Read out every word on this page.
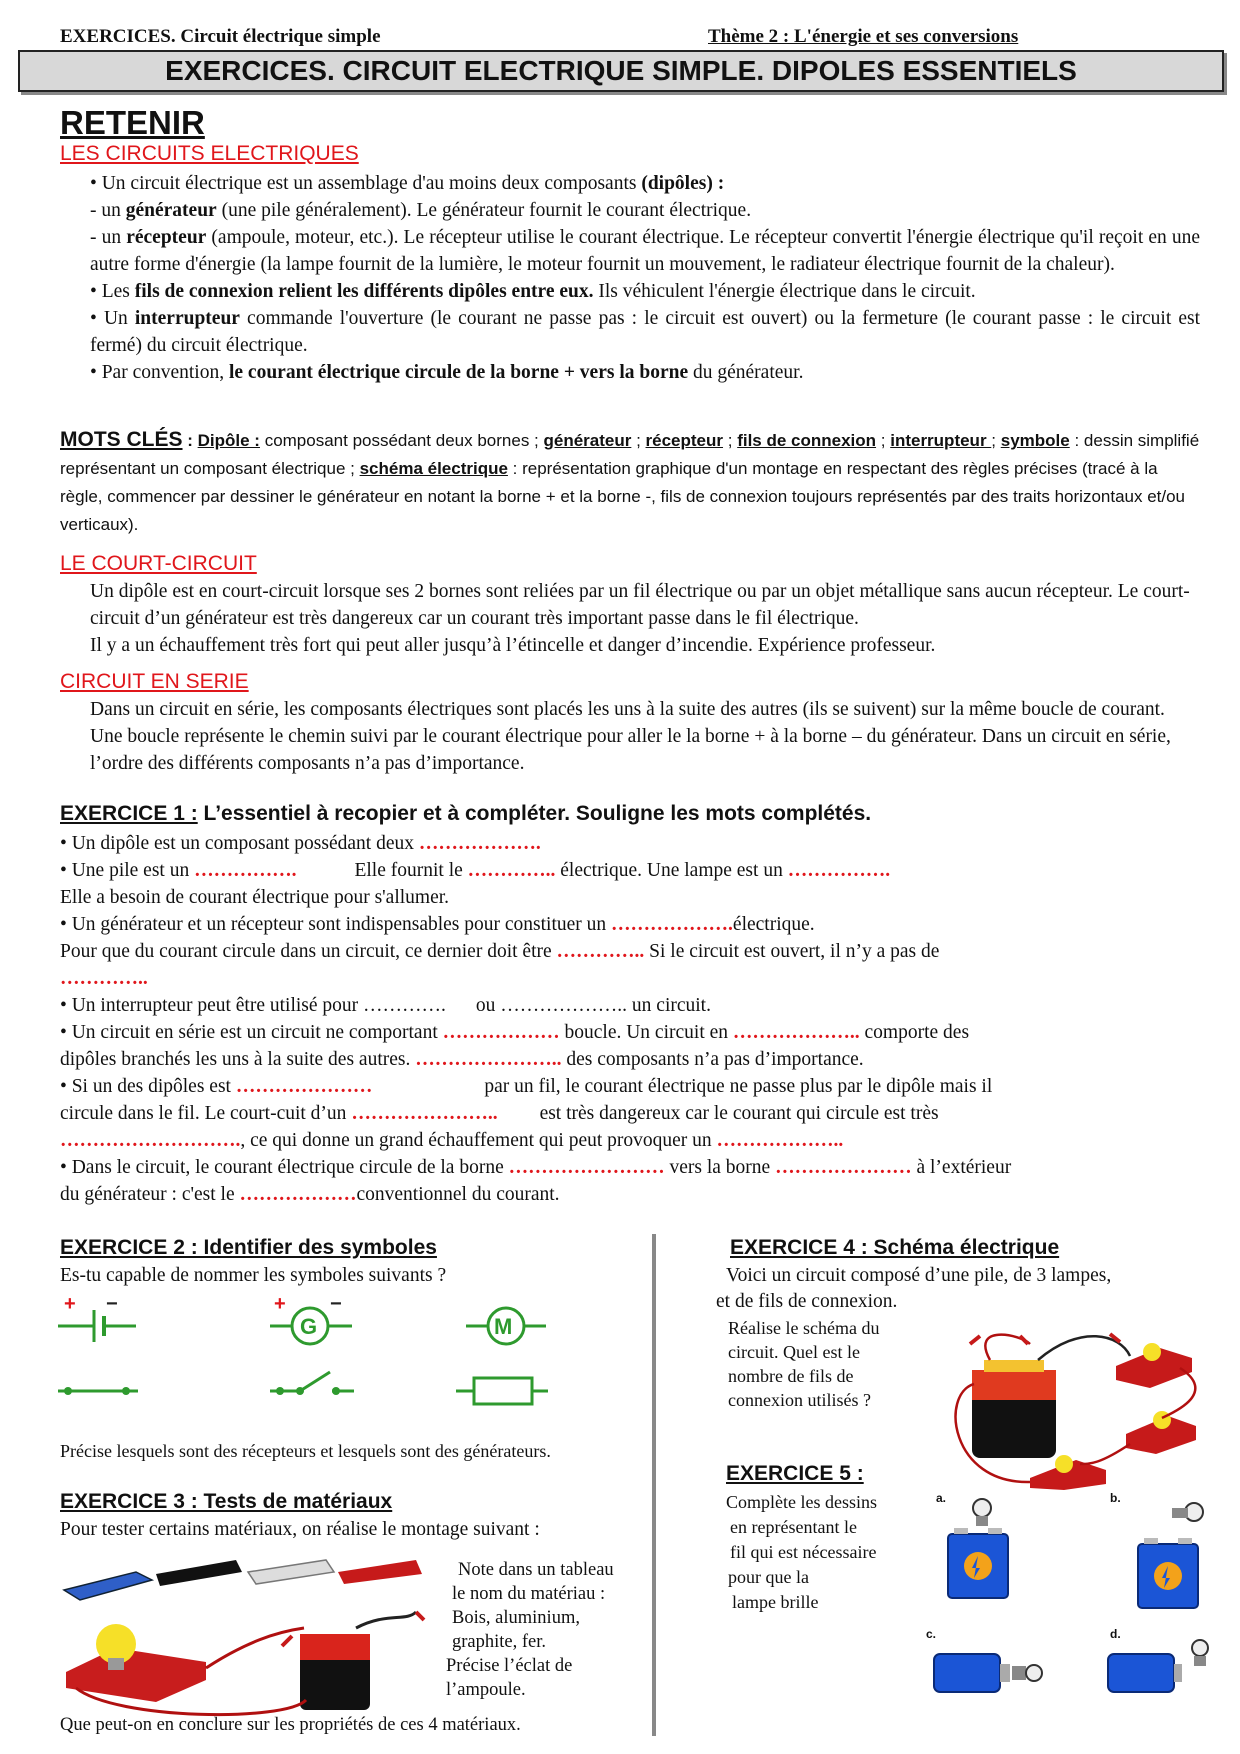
EXERCICES. Circuit électrique simple	Thème 2 : L'énergie et ses conversions
EXERCICES. CIRCUIT ELECTRIQUE SIMPLE. DIPOLES ESSENTIELS
RETENIR
LES CIRCUITS ELECTRIQUES

• Un circuit électrique est un assemblage d'au moins deux composants (dipôles) :

- un générateur (une pile généralement). Le générateur fournit le courant électrique.

- un récepteur (ampoule, moteur, etc.). Le récepteur utilise le courant électrique. Le récepteur convertit l'énergie électrique qu'il reçoit en une autre forme d'énergie (la lampe fournit de la lumière, le moteur fournit un mouvement, le radiateur électrique fournit de la chaleur).

• Les fils de connexion relient les différents dipôles entre eux. Ils véhiculent l'énergie électrique dans le circuit.

• Un interrupteur commande l'ouverture (le courant ne passe pas : le circuit est ouvert) ou la fermeture (le courant passe : le circuit est fermé) du circuit électrique.

• Par convention, le courant électrique circule de la borne + vers la borne du générateur.

MOTS CLÉS : Dipôle : composant possédant deux bornes ; générateur ; récepteur ; fils de connexion ; interrupteur ; symbole : dessin simplifié représentant un composant électrique ; schéma électrique : représentation graphique d'un montage en respectant des règles précises (tracé à la règle, commencer par dessiner le générateur en notant la borne + et la borne -, fils de connexion toujours représentés par des traits horizontaux et/ou verticaux).
LE COURT-CIRCUIT

Un dipôle est en court-circuit lorsque ses 2 bornes sont reliées par un fil électrique ou par un objet métallique sans aucun récepteur. Le court-circuit d’un générateur est très dangereux car un courant très important passe dans le fil électrique.

Il y a un échauffement très fort qui peut aller jusqu’à l’étincelle et danger d’incendie. Expérience professeur.

CIRCUIT EN SERIE

Dans un circuit en série, les composants électriques sont placés les uns à la suite des autres (ils se suivent) sur la même boucle de courant. Une boucle représente le chemin suivi par le courant électrique pour aller le la borne + à la borne – du générateur. Dans un circuit en série, l’ordre des différents composants n’a pas d’importance.

EXERCICE 1 : L’essentiel à recopier et à compléter. Souligne les mots complétés.

• Un dipôle est un composant possédant deux ……………….

• Une pile est un …………….	Elle fournit le ………….. électrique. Une lampe est un …………….

Elle a besoin de courant électrique pour s'allumer.

• Un générateur et un récepteur sont indispensables pour constituer un ……………….électrique.

Pour que du courant circule dans un circuit, ce dernier doit être ………….. Si le circuit est ouvert, il n’y a pas de

…………..

• Un interrupteur peut être utilisé pour …………. ou ……………….. un circuit.

• Un circuit en série est un circuit ne comportant ……………… boucle. Un circuit en ……………….. comporte des

dipôles branchés les uns à la suite des autres. ………………….. des composants n’a pas d’importance.

• Si un des dipôles est …………………	par un fil, le courant électrique ne passe plus par le dipôle mais il

circule dans le fil. Le court-cuit d’un ………………….. est très dangereux car le courant qui circule est très

………………………., ce qui donne un grand échauffement qui peut provoquer un ………………..

• Dans le circuit, le courant électrique circule de la borne …………………… vers la borne ………………… à l’extérieur

du générateur : c'est le ………………conventionnel du courant.

EXERCICE 2 : Identifier des symboles
Es-tu capable de nommer les symboles suivants ?
+ −	+ −
G	M
Précise lesquels sont des récepteurs et lesquels sont des générateurs.
EXERCICE 3 : Tests de matériaux
Pour tester certains matériaux, on réalise le montage suivant :

Note dans un tableau

le nom du matériau :

Bois, aluminium,

graphite, fer.

Précise l’éclat de

l’ampoule.

Que peut-on en conclure sur les propriétés de ces 4 matériaux.
EXERCICE 4 : Schéma électrique
Voici un circuit composé d’une pile, de 3 lampes,
et de fils de connexion.

Réalise le schéma du

circuit. Quel est le

nombre de fils de

connexion utilisés ?

EXERCICE 5 :

Complète les dessins

en représentant le

fil qui est nécessaire

pour que la

lampe brille

a.	b.
c.	d.
